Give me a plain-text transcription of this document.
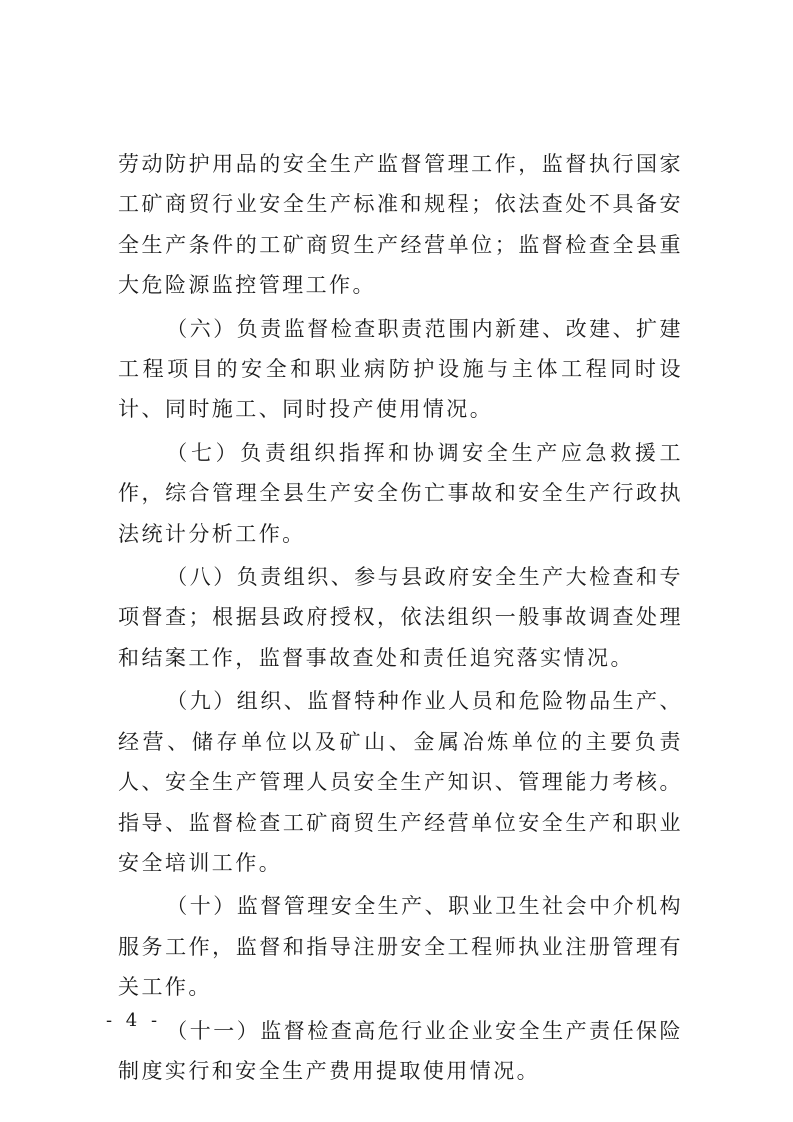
劳动防护用品的安全生产监督管理工作，监督执行国家工矿商贸行业安全生产标准和规程；依法查处不具备安全生产条件的工矿商贸生产经营单位；监督检查全县重大危险源监控管理工作。

（六）负责监督检查职责范围内新建、改建、扩建工程项目的安全和职业病防护设施与主体工程同时设计、同时施工、同时投产使用情况。

（七）负责组织指挥和协调安全生产应急救援工作，综合管理全县生产安全伤亡事故和安全生产行政执法统计分析工作。

（八）负责组织、参与县政府安全生产大检查和专项督查；根据县政府授权，依法组织一般事故调查处理和结案工作，监督事故查处和责任追究落实情况。

（九）组织、监督特种作业人员和危险物品生产、经营、储存单位以及矿山、金属冶炼单位的主要负责人、安全生产管理人员安全生产知识、管理能力考核。指导、监督检查工矿商贸生产经营单位安全生产和职业安全培训工作。

（十）监督管理安全生产、职业卫生社会中介机构服务工作，监督和指导注册安全工程师执业注册管理有关工作。

（十一）监督检查高危行业企业安全生产责任保险制度实行和安全生产费用提取使用情况。

- 4 -
